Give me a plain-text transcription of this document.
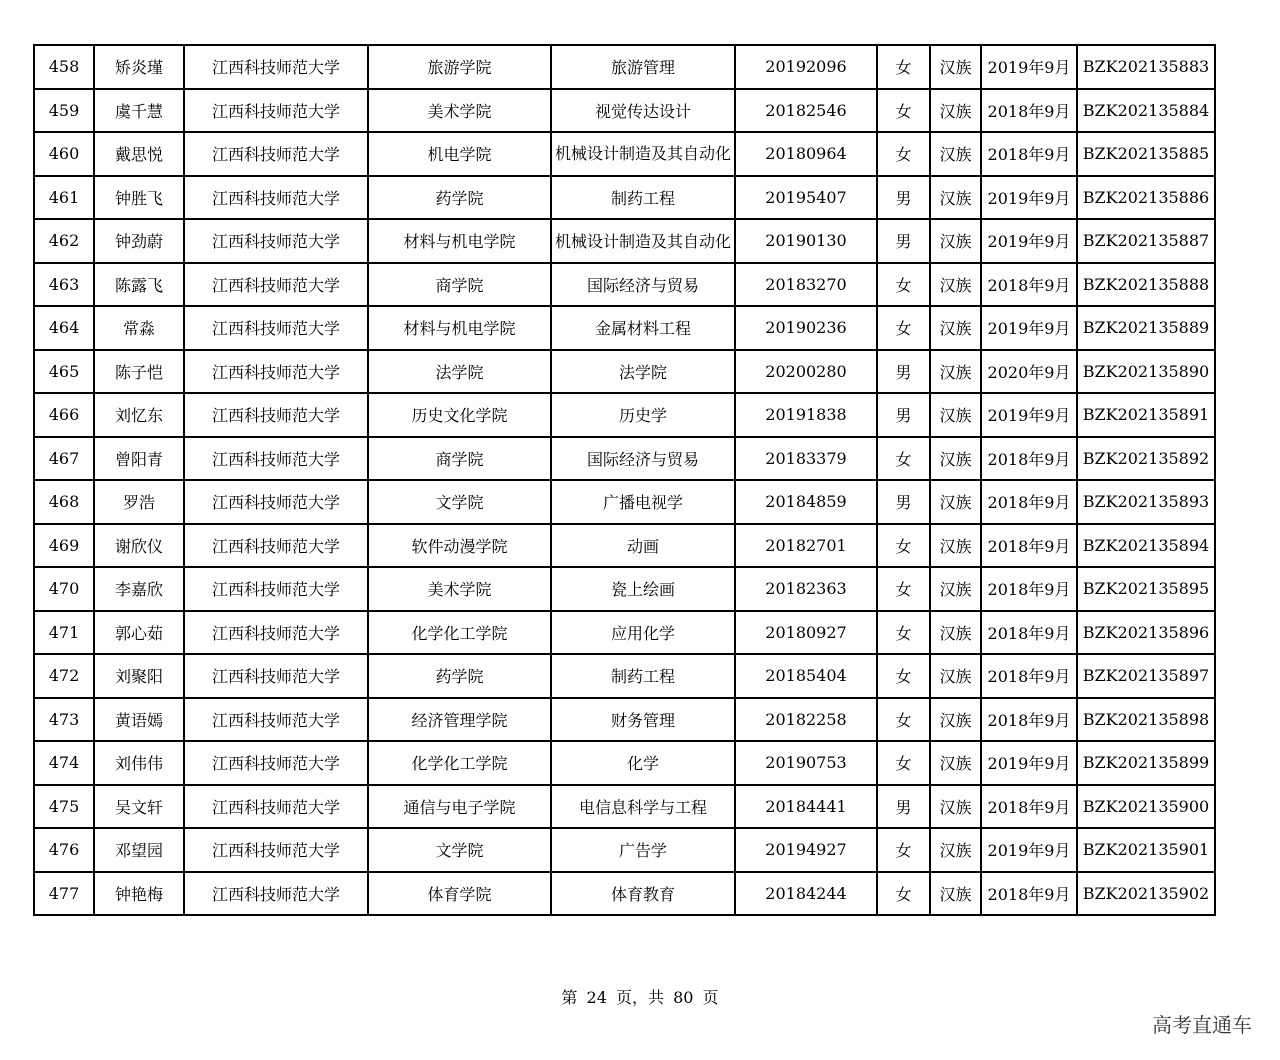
458	矫炎瑾	江西科技师范大学	旅游学院	旅游管理	20192096	女	汉族	2019年9月	BZK202135883
459	虞千慧	江西科技师范大学	美术学院	视觉传达设计	20182546	女	汉族	2018年9月	BZK202135884
460	戴思悦	江西科技师范大学	机电学院	机械设计制造及其自动化	20180964	女	汉族	2018年9月	BZK202135885
461	钟胜飞	江西科技师范大学	药学院	制药工程	20195407	男	汉族	2019年9月	BZK202135886
462	钟劲蔚	江西科技师范大学	材料与机电学院	机械设计制造及其自动化	20190130	男	汉族	2019年9月	BZK202135887
463	陈露飞	江西科技师范大学	商学院	国际经济与贸易	20183270	女	汉族	2018年9月	BZK202135888
464	常淼	江西科技师范大学	材料与机电学院	金属材料工程	20190236	女	汉族	2019年9月	BZK202135889
465	陈子恺	江西科技师范大学	法学院	法学院	20200280	男	汉族	2020年9月	BZK202135890
466	刘忆东	江西科技师范大学	历史文化学院	历史学	20191838	男	汉族	2019年9月	BZK202135891
467	曾阳青	江西科技师范大学	商学院	国际经济与贸易	20183379	女	汉族	2018年9月	BZK202135892
468	罗浩	江西科技师范大学	文学院	广播电视学	20184859	男	汉族	2018年9月	BZK202135893
469	谢欣仪	江西科技师范大学	软件动漫学院	动画	20182701	女	汉族	2018年9月	BZK202135894
470	李嘉欣	江西科技师范大学	美术学院	瓷上绘画	20182363	女	汉族	2018年9月	BZK202135895
471	郭心茹	江西科技师范大学	化学化工学院	应用化学	20180927	女	汉族	2018年9月	BZK202135896
472	刘聚阳	江西科技师范大学	药学院	制药工程	20185404	女	汉族	2018年9月	BZK202135897
473	黄语嫣	江西科技师范大学	经济管理学院	财务管理	20182258	女	汉族	2018年9月	BZK202135898
474	刘伟伟	江西科技师范大学	化学化工学院	化学	20190753	女	汉族	2019年9月	BZK202135899
475	吴文轩	江西科技师范大学	通信与电子学院	电信息科学与工程	20184441	男	汉族	2018年9月	BZK202135900
476	邓望园	江西科技师范大学	文学院	广告学	20194927	女	汉族	2019年9月	BZK202135901
477	钟艳梅	江西科技师范大学	体育学院	体育教育	20184244	女	汉族	2018年9月	BZK202135902
第 24 页，共 80 页
高考直通车
